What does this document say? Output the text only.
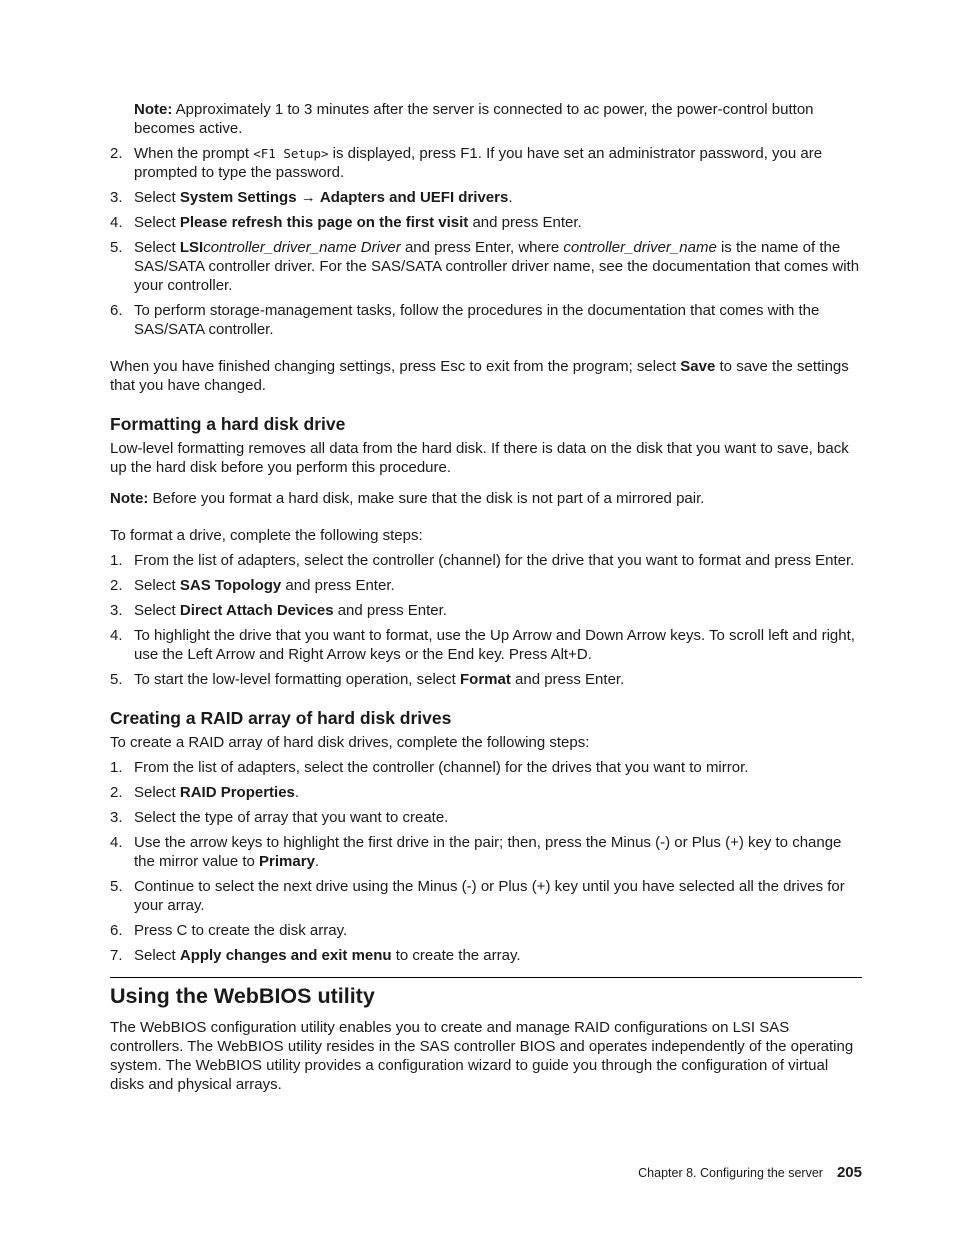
Note: Approximately 1 to 3 minutes after the server is connected to ac power, the power-control button becomes active.

2. When the prompt <F1 Setup> is displayed, press F1. If you have set an administrator password, you are prompted to type the password.
3. Select System Settings → Adapters and UEFI drivers.
4. Select Please refresh this page on the first visit and press Enter.
5. Select LSIcontroller_driver_name Driver and press Enter, where controller_driver_name is the name of the SAS/SATA controller driver. For the SAS/SATA controller driver name, see the documentation that comes with your controller.
6. To perform storage-management tasks, follow the procedures in the documentation that comes with the SAS/SATA controller.

When you have finished changing settings, press Esc to exit from the program; select Save to save the settings that you have changed.

Formatting a hard disk drive

Low-level formatting removes all data from the hard disk. If there is data on the disk that you want to save, back up the hard disk before you perform this procedure.

Note: Before you format a hard disk, make sure that the disk is not part of a mirrored pair.

To format a drive, complete the following steps:

1. From the list of adapters, select the controller (channel) for the drive that you want to format and press Enter.
2. Select SAS Topology and press Enter.
3. Select Direct Attach Devices and press Enter.
4. To highlight the drive that you want to format, use the Up Arrow and Down Arrow keys. To scroll left and right, use the Left Arrow and Right Arrow keys or the End key. Press Alt+D.
5. To start the low-level formatting operation, select Format and press Enter.
Creating a RAID array of hard disk drives

To create a RAID array of hard disk drives, complete the following steps:

1. From the list of adapters, select the controller (channel) for the drives that you want to mirror.
2. Select RAID Properties.
3. Select the type of array that you want to create.
4. Use the arrow keys to highlight the first drive in the pair; then, press the Minus (-) or Plus (+) key to change the mirror value to Primary.
5. Continue to select the next drive using the Minus (-) or Plus (+) key until you have selected all the drives for your array.
6. Press C to create the disk array.
7. Select Apply changes and exit menu to create the array.
Using the WebBIOS utility

The WebBIOS configuration utility enables you to create and manage RAID configurations on LSI SAS controllers. The WebBIOS utility resides in the SAS controller BIOS and operates independently of the operating system. The WebBIOS utility provides a configuration wizard to guide you through the configuration of virtual disks and physical arrays.

Chapter 8. Configuring the server 205
